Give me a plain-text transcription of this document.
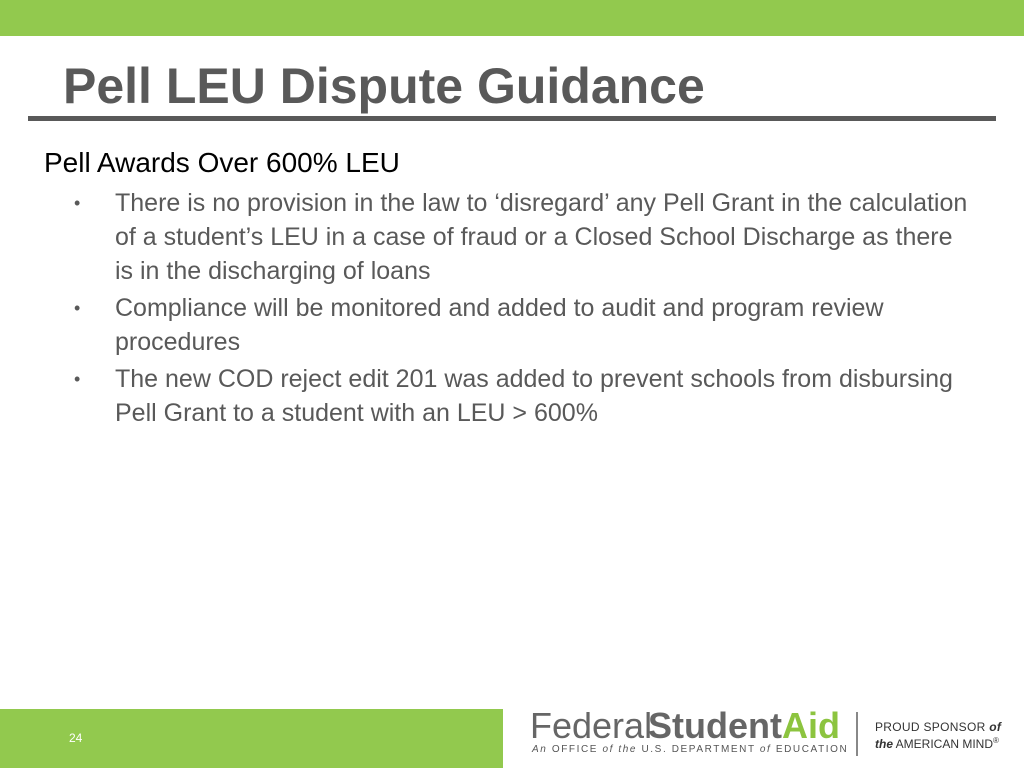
Pell LEU Dispute Guidance
Pell Awards Over 600% LEU
• There is no provision in the law to ‘disregard’ any Pell Grant in the calculation of a student’s LEU in a case of fraud or a Closed School Discharge as there is in the discharging of loans
• Compliance will be monitored and added to audit and program review procedures
• The new COD reject edit 201 was added to prevent schools from disbursing Pell Grant to a student with an LEU > 600%
24	Federal
StudentAid
An OFFICE of the U.S. DEPARTMENT of EDUCATION
PROUD SPONSOR of
the AMERICAN MIND®
